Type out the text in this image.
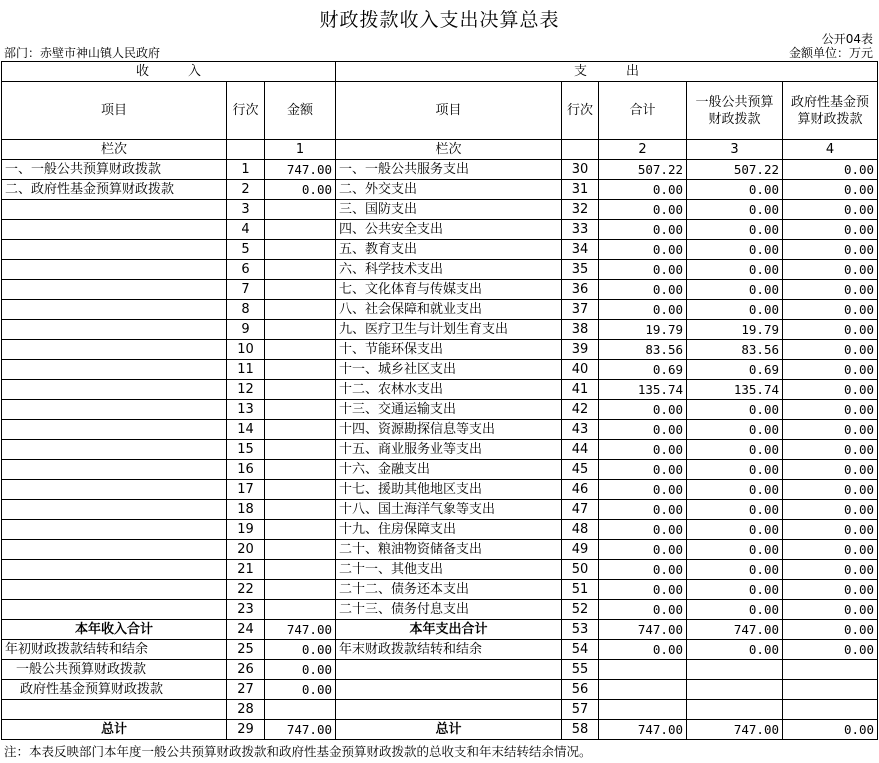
财政拨款收入支出决算总表
公开04表
部门：赤壁市神山镇人民政府	金额单位：万元
收　　　入			支　　　出				
项目	行次	金额	项目	行次	合计	一般公共预算财政拨款	政府性基金预算财政拨款
栏次		1	栏次		2	3	4
一、一般公共预算财政拨款	1	747.00	一、一般公共服务支出	30	507.22	507.22	0.00
二、政府性基金预算财政拨款	2	0.00	二、外交支出	31	0.00	0.00	0.00
	3		三、国防支出	32	0.00	0.00	0.00
	4		四、公共安全支出	33	0.00	0.00	0.00
	5		五、教育支出	34	0.00	0.00	0.00
	6		六、科学技术支出	35	0.00	0.00	0.00
	7		七、文化体育与传媒支出	36	0.00	0.00	0.00
	8		八、社会保障和就业支出	37	0.00	0.00	0.00
	9		九、医疗卫生与计划生育支出	38	19.79	19.79	0.00
	10		十、节能环保支出	39	83.56	83.56	0.00
	11		十一、城乡社区支出	40	0.69	0.69	0.00
	12		十二、农林水支出	41	135.74	135.74	0.00
	13		十三、交通运输支出	42	0.00	0.00	0.00
	14		十四、资源勘探信息等支出	43	0.00	0.00	0.00
	15		十五、商业服务业等支出	44	0.00	0.00	0.00
	16		十六、金融支出	45	0.00	0.00	0.00
	17		十七、援助其他地区支出	46	0.00	0.00	0.00
	18		十八、国土海洋气象等支出	47	0.00	0.00	0.00
	19		十九、住房保障支出	48	0.00	0.00	0.00
	20		二十、粮油物资储备支出	49	0.00	0.00	0.00
	21		二十一、其他支出	50	0.00	0.00	0.00
	22		二十二、债务还本支出	51	0.00	0.00	0.00
	23		二十三、债务付息支出	52	0.00	0.00	0.00
本年收入合计	24	747.00	本年支出合计	53	747.00	747.00	0.00
年初财政拨款结转和结余	25	0.00	年末财政拨款结转和结余	54	0.00	0.00	0.00
一般公共预算财政拨款	26	0.00		55			
政府性基金预算财政拨款	27	0.00		56			
	28			57			
总计	29	747.00	总计	58	747.00	747.00	0.00
注：本表反映部门本年度一般公共预算财政拨款和政府性基金预算财政拨款的总收支和年末结转结余情况。
